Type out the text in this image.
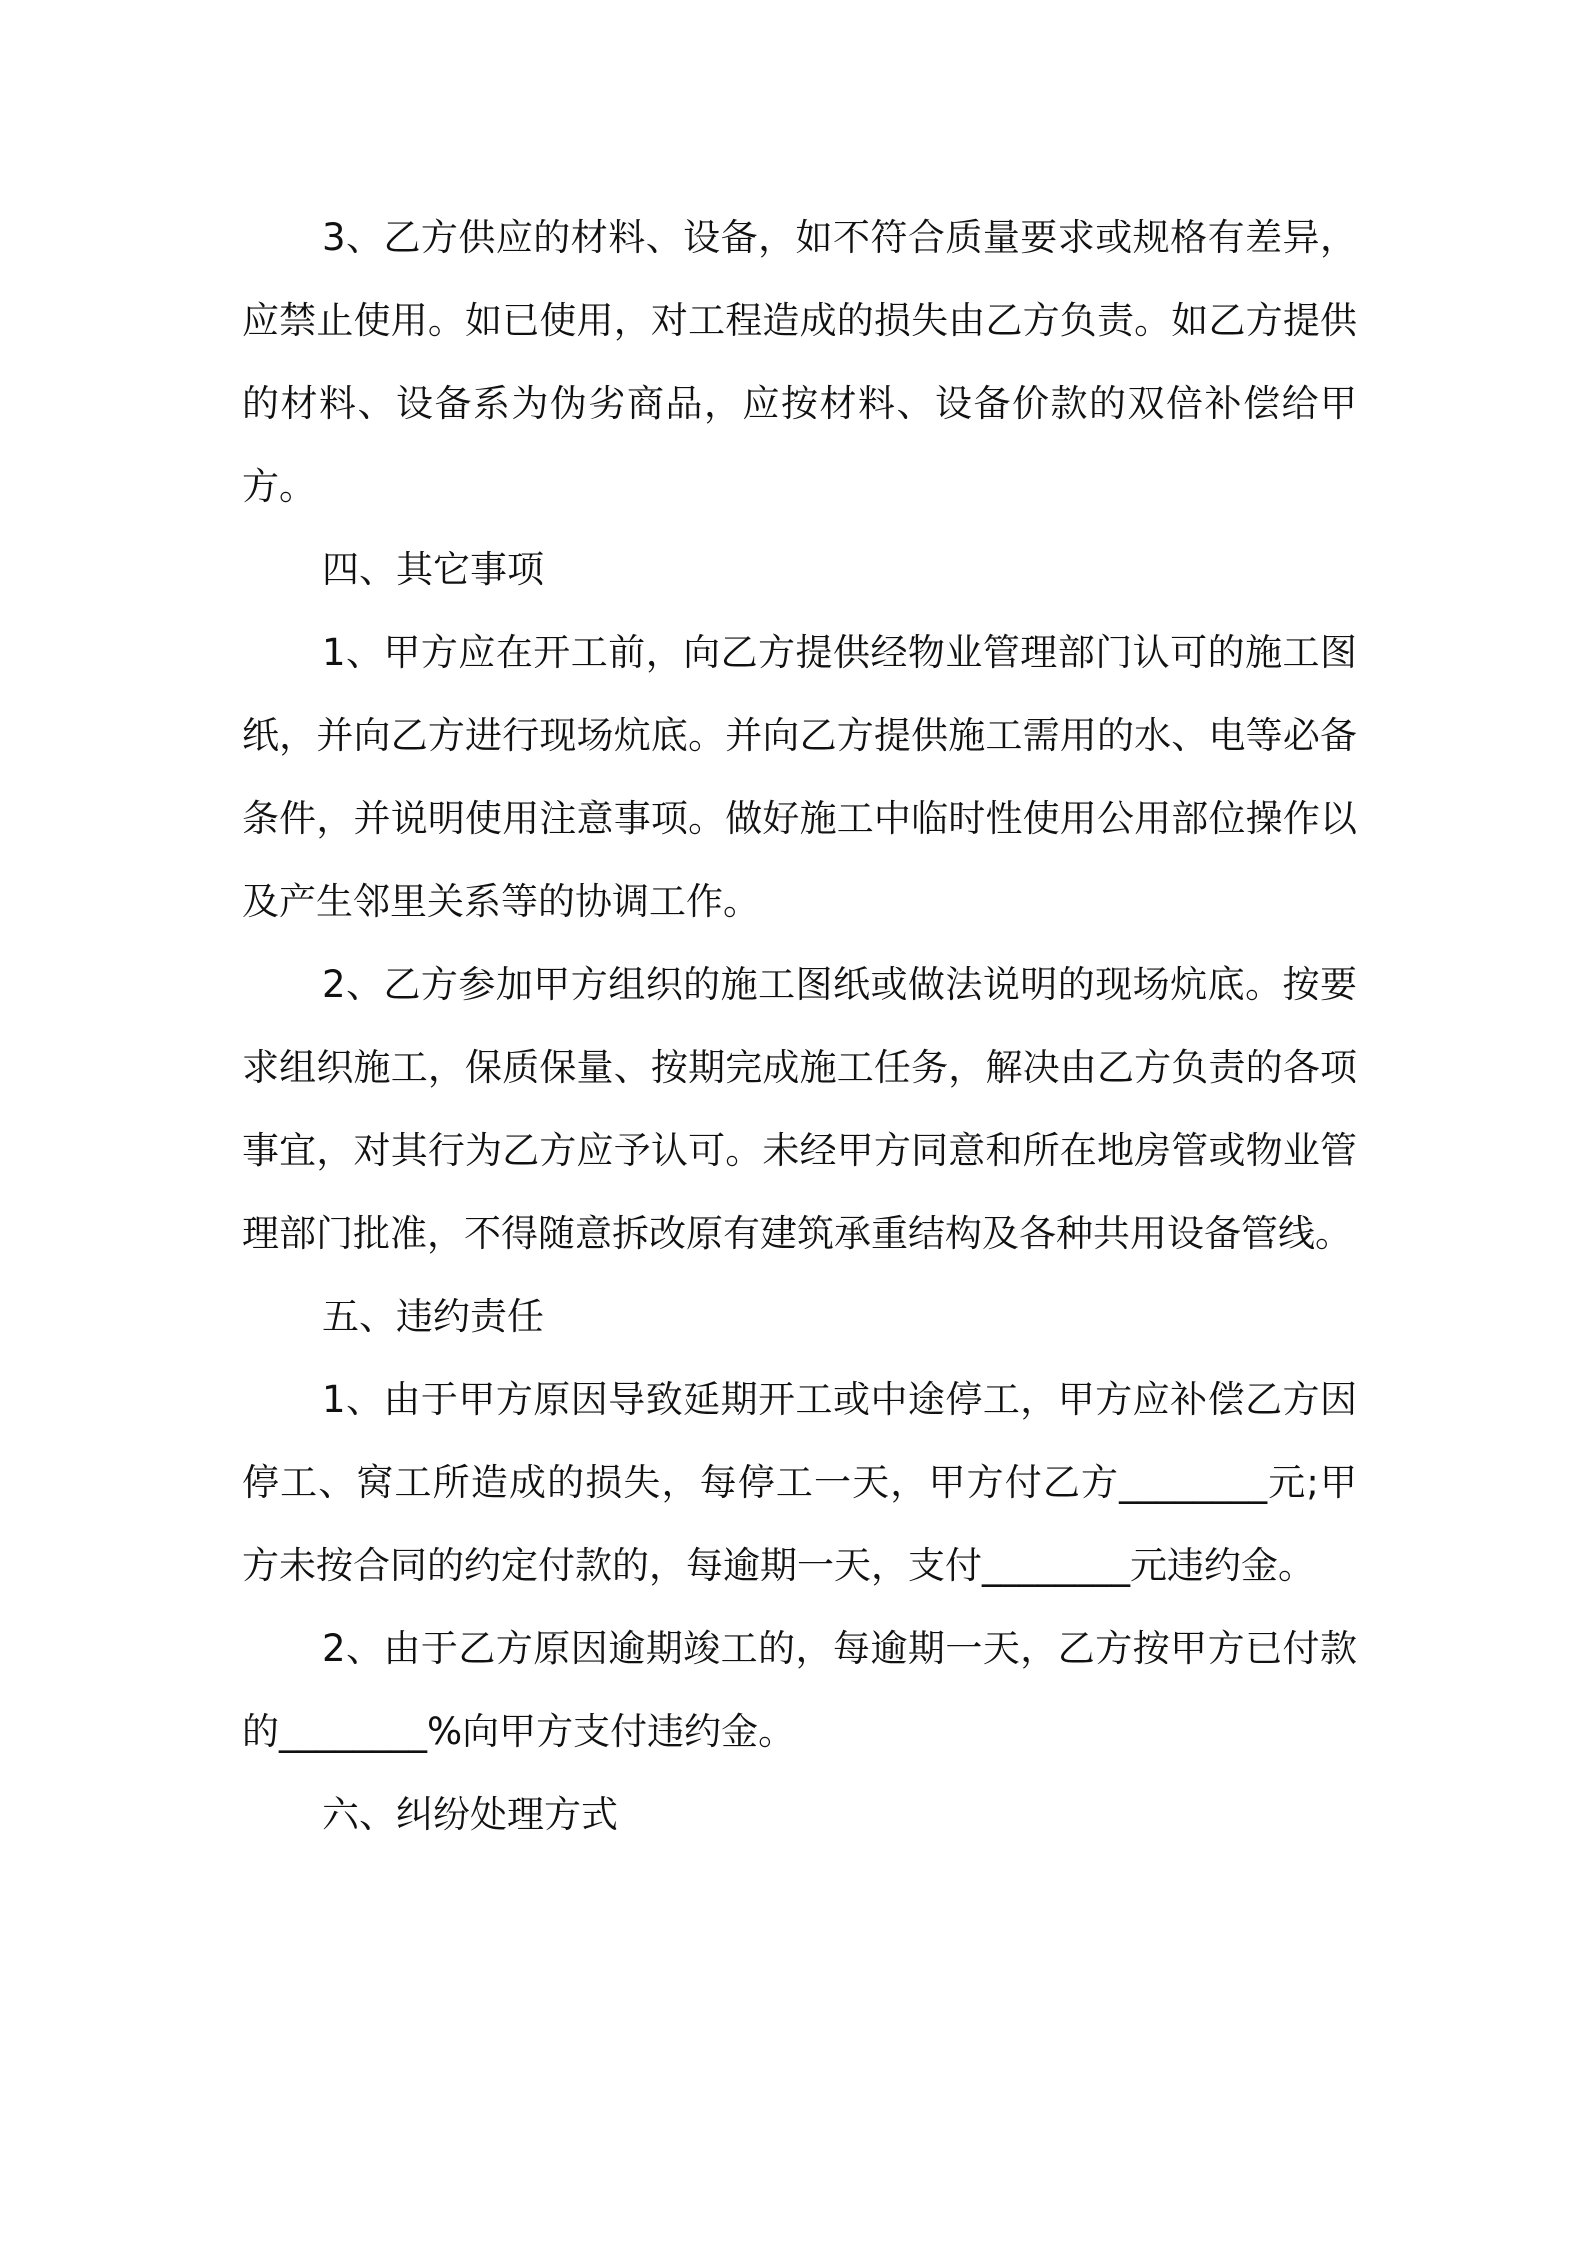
3、乙方供应的材料、设备，如不符合质量要求或规格有差异，应禁止使用。如已使用，对工程造成的损失由乙方负责。如乙方提供的材料、设备系为伪劣商品，应按材料、设备价款的双倍补偿给甲方。

四、其它事项

1、甲方应在开工前，向乙方提供经物业管理部门认可的施工图纸，并向乙方进行现场炕底。并向乙方提供施工需用的水、电等必备条件，并说明使用注意事项。做好施工中临时性使用公用部位操作以及产生邻里关系等的协调工作。

2、乙方参加甲方组织的施工图纸或做法说明的现场炕底。按要求组织施工，保质保量、按期完成施工任务，解决由乙方负责的各项事宜，对其行为乙方应予认可。未经甲方同意和所在地房管或物业管理部门批准，不得随意拆改原有建筑承重结构及各种共用设备管线。

五、违约责任

1、由于甲方原因导致延期开工或中途停工，甲方应补偿乙方因停工、窝工所造成的损失，每停工一天，甲方付乙方________元;甲方未按合同的约定付款的，每逾期一天，支付________元违约金。

2、由于乙方原因逾期竣工的，每逾期一天，乙方按甲方已付款的________%向甲方支付违约金。

六、纠纷处理方式
